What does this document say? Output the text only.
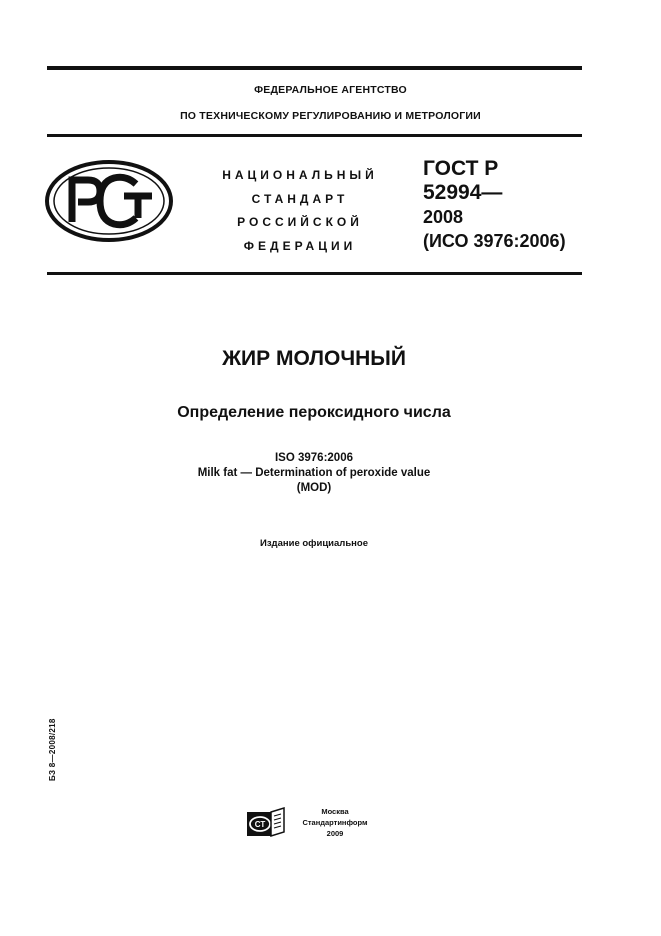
ФЕДЕРАЛЬНОЕ АГЕНТСТВО
ПО ТЕХНИЧЕСКОМУ РЕГУЛИРОВАНИЮ И МЕТРОЛОГИИ
НАЦИОНАЛЬНЫЙ
СТАНДАРТ
РОССИЙСКОЙ
ФЕДЕРАЦИИ
ГОСТ Р
52994—
2008
(ИСО 3976:2006)
ЖИР МОЛОЧНЫЙ
Определение пероксидного числа
ISO 3976:2006
Milk fat — Determination of peroxide value
(MOD)
Издание официальное
БЗ 8—2008/218
СТ
Москва
Стандартинформ
2009
